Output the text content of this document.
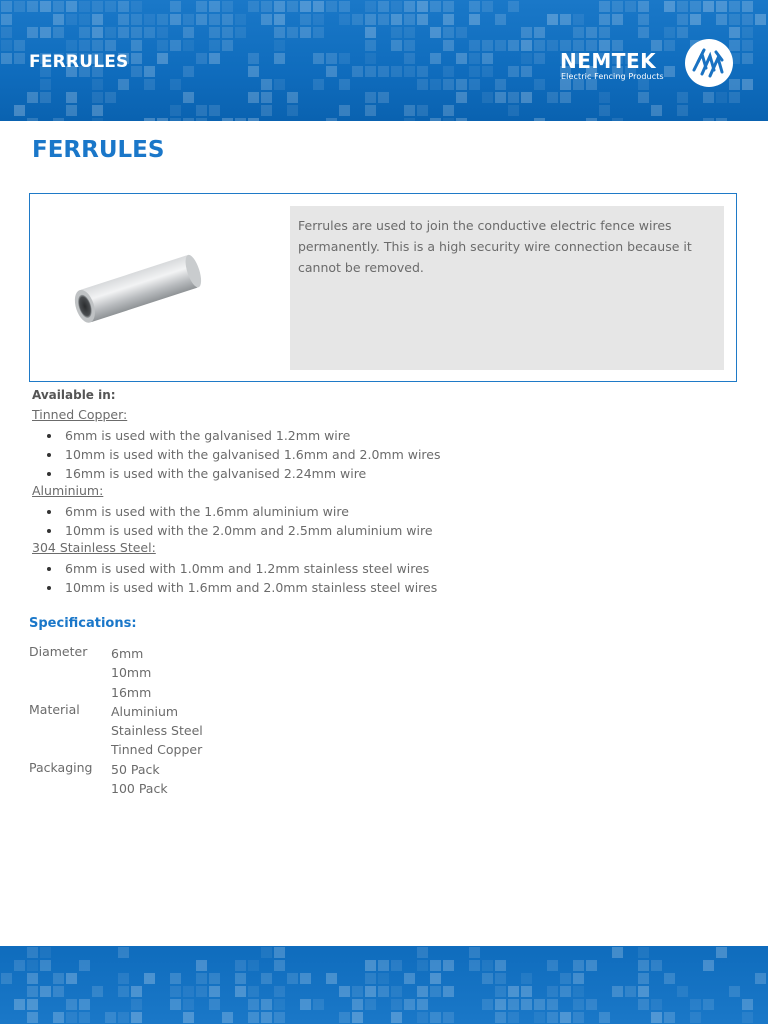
FERRULES	NEMTEK
Electric Fencing Products
FERRULES
Ferrules are used to join the conductive electric fence wires permanently. This is a high security wire connection because it cannot be removed.
Available in:
Tinned Copper:
6mm is used with the galvanised 1.2mm wire
10mm is used with the galvanised 1.6mm and 2.0mm wires
16mm is used with the galvanised 2.24mm wire
Aluminium:
6mm is used with the 1.6mm aluminium wire
10mm is used with the 2.0mm and 2.5mm aluminium wire
304 Stainless Steel:
6mm is used with 1.0mm and 1.2mm stainless steel wires
10mm is used with 1.6mm and 2.0mm stainless steel wires
Specifications:
Diameter 6mm
10mm
16mm
Material Aluminium
Stainless Steel
Tinned Copper
Packaging 50 Pack
100 Pack
